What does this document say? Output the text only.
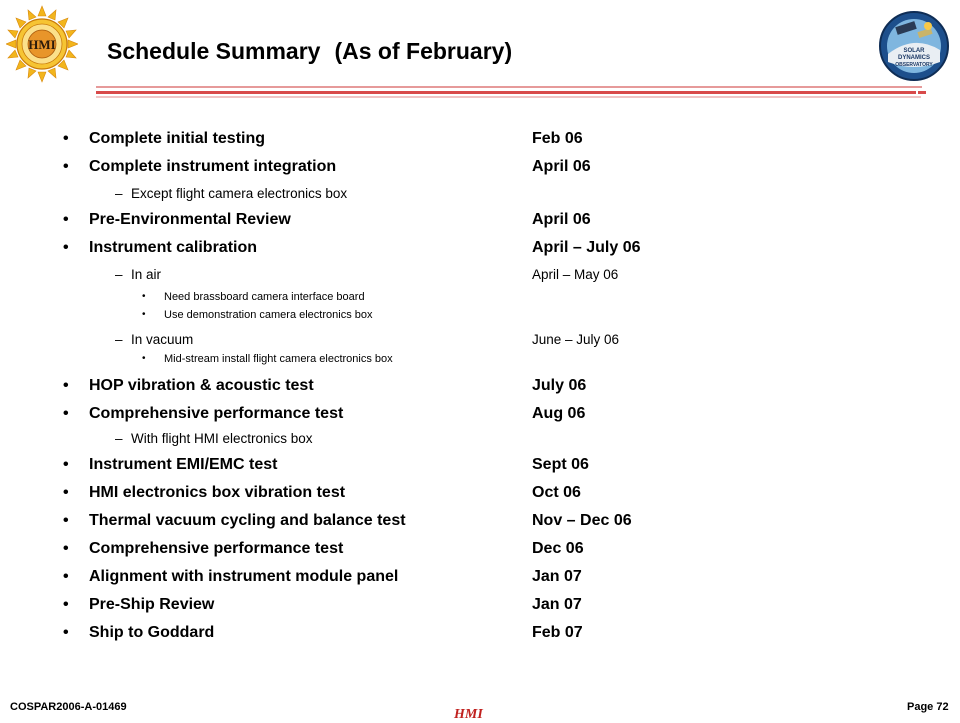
HMI	SOLAR
DYNAMICS
OBSERVATORY
Schedule Summary (As of February)
• Complete initial testing	Feb 06
• Complete instrument integration	April 06
– Except flight camera electronics box
• Pre-Environmental Review	April 06
• Instrument calibration	April – July 06
– In air	April – May 06
• Need brassboard camera interface board
• Use demonstration camera electronics box
– In vacuum	June – July 06
• Mid-stream install flight camera electronics box
• HOP vibration & acoustic test	July 06
• Comprehensive performance test	Aug 06
– With flight HMI electronics box
• Instrument EMI/EMC test	Sept 06
• HMI electronics box vibration test	Oct 06
• Thermal vacuum cycling and balance test	Nov – Dec 06
• Comprehensive performance test	Dec 06
• Alignment with instrument module panel	Jan 07
• Pre-Ship Review	Jan 07
• Ship to Goddard	Feb 07
COSPAR2006-A-01469	HMI	Page 72
